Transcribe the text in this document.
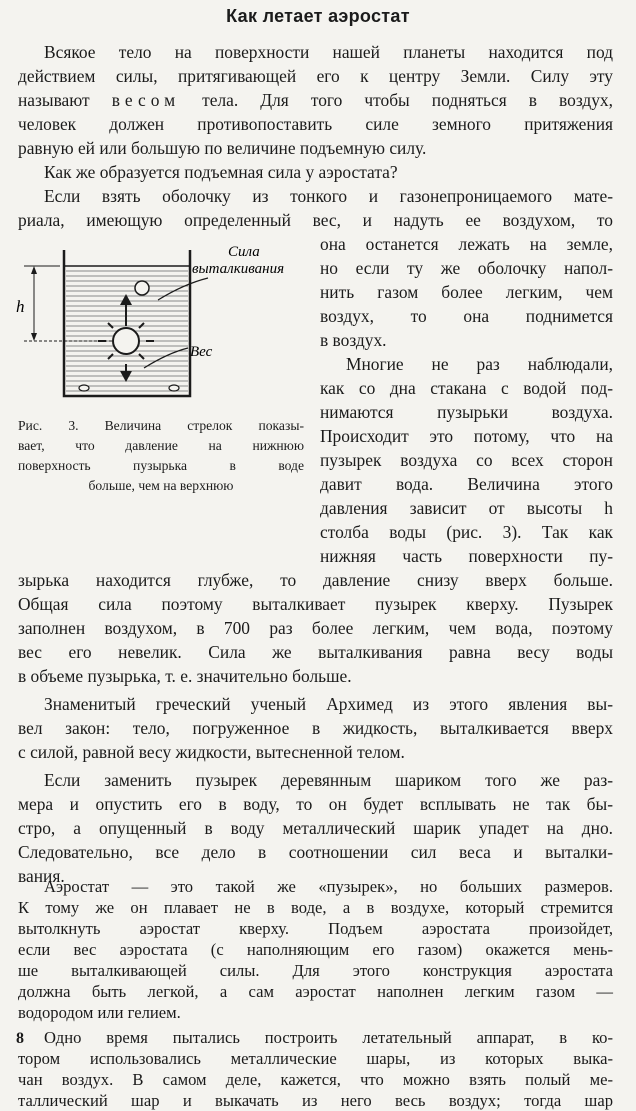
Как летает аэростат
Всякое тело на поверхности нашей планеты находится под
действием силы, притягивающей его к центру Земли. Силу эту
называют весом тела. Для того чтобы подняться в воздух,
человек должен противопоставить силе земного притяжения
равную ей или большую по величине подъемную силу.
Как же образуется подъемная сила у аэростата?
Если взять оболочку из тонкого и газонепроницаемого мате-
риала, имеющую определенный вес, и надуть ее воздухом, то
она останется лежать на земле,
но если ту же оболочку напол-
нить газом более легким, чем
воздух, то она поднимется
в воздух.
Многие не раз наблюдали,
как со дна стакана с водой под-
нимаются пузырьки воздуха.
Происходит это потому, что на
пузырек воздуха со всех сторон
давит вода. Величина этого
давления зависит от высоты h
столба воды (рис. 3). Так как
нижняя часть поверхности пу-
h
Сила
выталкивания
Вес
Рис. 3. Величина стрелок показы-
вает, что давление на нижнюю
поверхность пузырька в воде
больше, чем на верхнюю
зырька находится глубже, то давление снизу вверх больше.
Общая сила поэтому выталкивает пузырек кверху. Пузырек
заполнен воздухом, в 700 раз более легким, чем вода, поэтому
вес его невелик. Сила же выталкивания равна весу воды
в объеме пузырька, т. е. значительно больше.
Знаменитый греческий ученый Архимед из этого явления вы-
вел закон: тело, погруженное в жидкость, выталкивается вверх
с силой, равной весу жидкости, вытесненной телом.
Если заменить пузырек деревянным шариком того же раз-
мера и опустить его в воду, то он будет всплывать не так бы-
стро, а опущенный в воду металлический шарик упадет на дно.
Следовательно, все дело в соотношении сил веса и выталки-
вания.
Аэростат — это такой же «пузырек», но больших размеров.
К тому же он плавает не в воде, а в воздухе, который стремится
вытолкнуть аэростат кверху. Подъем аэростата произойдет,
если вес аэростата (с наполняющим его газом) окажется мень-
ше выталкивающей силы. Для этого конструкция аэростата
должна быть легкой, а сам аэростат наполнен легким газом —
водородом или гелием.
Одно время пытались построить летательный аппарат, в ко-
тором использовались металлические шары, из которых выка-
чан воздух. В самом деле, кажется, что можно взять полый ме-
таллический шар и выкачать из него весь воздух; тогда шар
8
